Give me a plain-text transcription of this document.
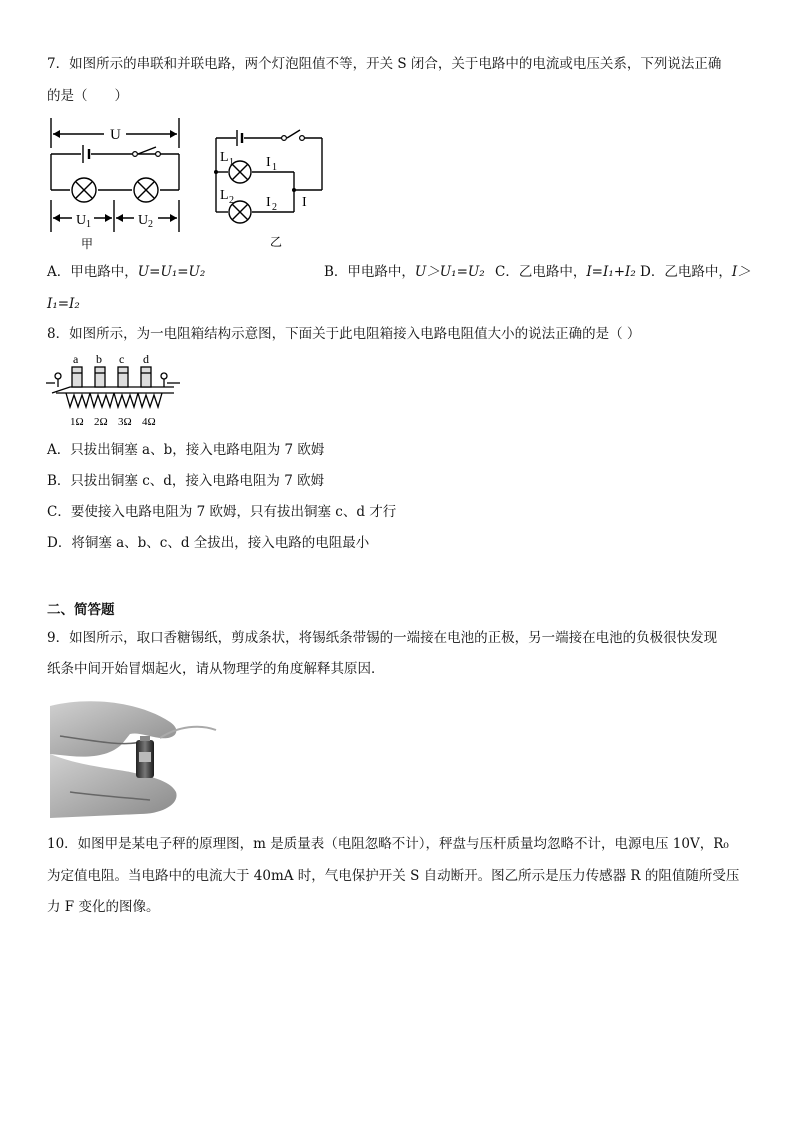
7．如图所示的串联和并联电路，两个灯泡阻值不等，开关 S 闭合，关于电路中的电流或电压关系，下列说法正确
的是（　　）
U
U 1	U 2
甲
L 1 I 1
L 2 I 2 I
乙
A．甲电路中，U=U₁=U₂	B．甲电路中，U＞U₁=U₂ C．乙电路中，I=I₁+I₂ D．乙电路中，I＞
I₁=I₂
8．如图所示，为一电阻箱结构示意图，下面关于此电阻箱接入电路电阻值大小的说法正确的是（ ）
a b c d
1Ω 2Ω 3Ω 4Ω
A．只拔出铜塞 a、b，接入电路电阻为 7 欧姆
B．只拔出铜塞 c、d，接入电路电阻为 7 欧姆
C．要使接入电路电阻为 7 欧姆，只有拔出铜塞 c、d 才行
D．将铜塞 a、b、c、d 全拔出，接入电路的电阻最小
二、简答题
9．如图所示，取口香糖锡纸，剪成条状，将锡纸条带锡的一端接在电池的正极，另一端接在电池的负极很快发现
纸条中间开始冒烟起火，请从物理学的角度解释其原因．
10．如图甲是某电子秤的原理图，m 是质量表（电阻忽略不计），秤盘与压杆质量均忽略不计，电源电压 10V，R₀
为定值电阻。当电路中的电流大于 40mA 时，气电保护开关 S 自动断开。图乙所示是压力传感器 R 的阻值随所受压
力 F 变化的图像。
